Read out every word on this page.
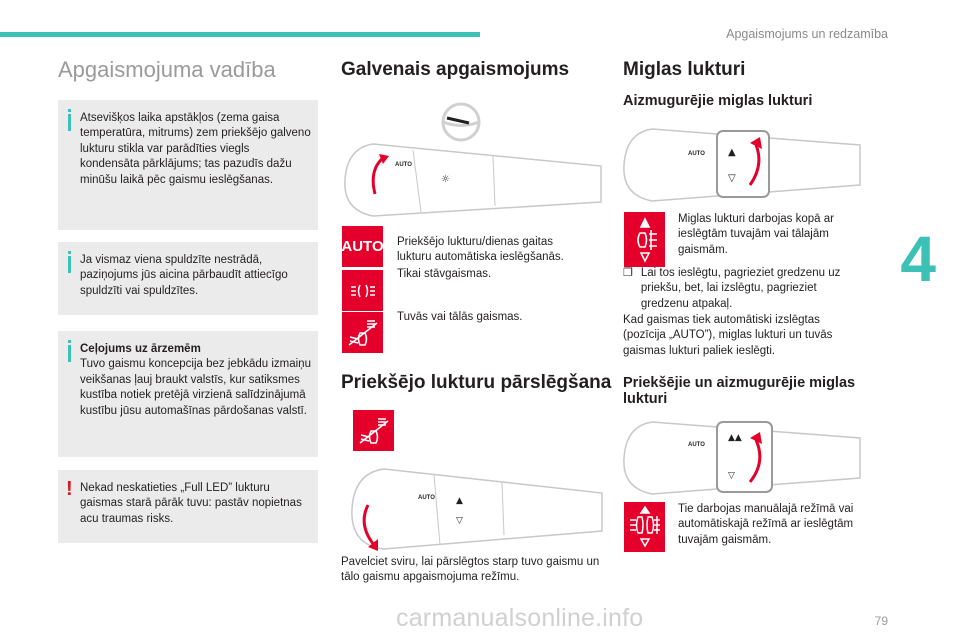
Apgaismojums un redzamība
4
Apgaismojuma vadība
Atsevišķos laika apstākļos (zema gaisa temperatūra, mitrums) zem priekšējo galveno lukturu stikla var parādīties viegls kondensāta pārklājums; tas pazudīs dažu minūšu laikā pēc gaismu ieslēgšanas.
Ja vismaz viena spuldzīte nestrādā, paziņojums jūs aicina pārbaudīt attiecīgo spuldzīti vai spuldzītes.
Ceļojums uz ārzemēm
Tuvo gaismu koncepcija bez jebkādu izmaiņu veikšanas ļauj braukt valstīs, kur satiksmes kustība notiek pretējā virzienā salīdzinājumā kustību jūsu automašīnas pārdošanas valstī.
! Nekad neskatieties „Full LED” lukturu gaismas starā pārāk tuvu: pastāv nopietnas acu traumas risks.
Galvenais apgaismojums
AUTO
☼
AUTO Priekšējo lukturu/dienas gaitas lukturu automātiska ieslēgšanās.
Tikai stāvgaismas.
Tuvās vai tālās gaismas.
Priekšējo lukturu pārslēgšana
AUTO ▲
▽
Pavelciet sviru, lai pārslēgtos starp tuvo gaismu un tālo gaismu apgaismojuma režīmu.
Miglas lukturi
Aizmugurējie miglas lukturi
AUTO ▲
▽
Miglas lukturi darbojas kopā ar ieslēgtām tuvajām vai tālajām gaismām.
❐ Lai tos ieslēgtu, pagrieziet gredzenu uz priekšu, bet, lai izslēgtu, pagrieziet gredzenu atpakaļ.
Kad gaismas tiek automātiski izslēgtas (pozīcija „AUTO”), miglas lukturi un tuvās gaismas lukturi paliek ieslēgti.
Priekšējie un aizmugurējie miglas lukturi
AUTO
▲▲
▽
Tie darbojas manuālajā režīmā vai automātiskajā režīmā ar ieslēgtām tuvajām gaismām.
carmanualsonline.info	79
